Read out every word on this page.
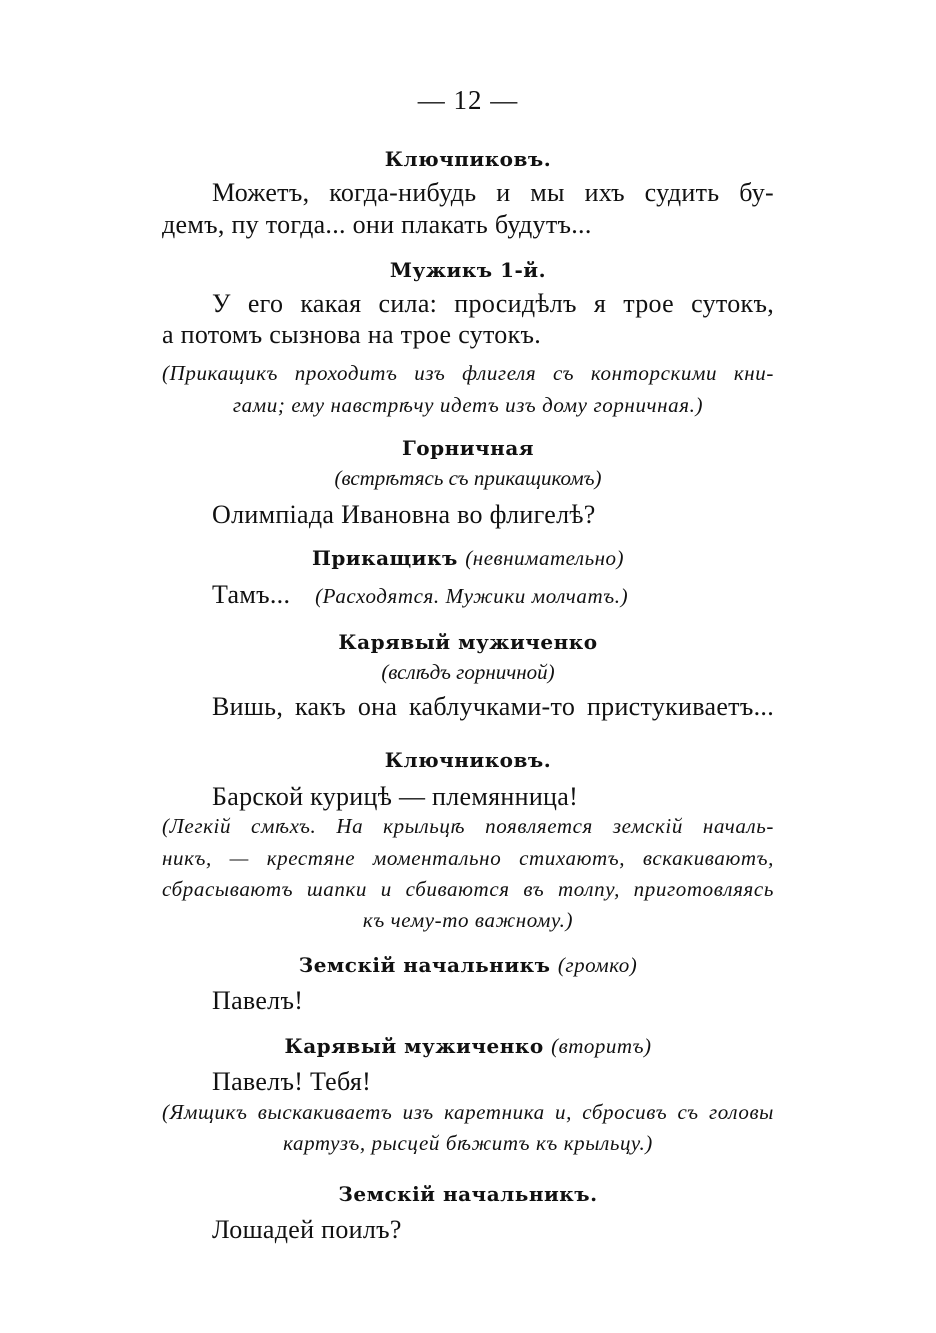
— 12 —
Ключпиковъ.
Можетъ, когда-нибудь и мы ихъ судить бу-
демъ, пу тогда... они плакать будутъ...
Мужикъ 1-й.
У его какая сила: просидѣлъ я трое сутокъ,
а потомъ сызнова на трое сутокъ.
(Прикащикъ проходитъ изъ флигеля съ конторскими кни-
гами; ему навстрѣчу идетъ изъ дому горничная.)
Горничная
(встрѣтясь съ прикащикомъ)
Олимпіада Ивановна во флигелѣ?
Прикащикъ (невнимательно)
Тамъ... (Расходятся. Мужики молчатъ.)
Карявый мужиченко
(вслѣдъ горничной)
Вишь, какъ она каблучками-то пристукиваетъ...
Ключниковъ.
Барской курицѣ — племянница!
(Легкій смѣхъ. На крыльцѣ появляется земскій началь-
никъ, — крестяне моментально стихаютъ, вскакиваютъ,
сбрасываютъ шапки и сбиваются въ толпу, приготовляясь
къ чему-то важному.)
Земскій начальникъ (громко)
Павелъ!
Карявый мужиченко (вторитъ)
Павелъ! Тебя!
(Ямщикъ выскакиваетъ изъ каретника и, сбросивъ съ головы
картузъ, рысцей бѣжитъ къ крыльцу.)
Земскій начальникъ.
Лошадей поилъ?
